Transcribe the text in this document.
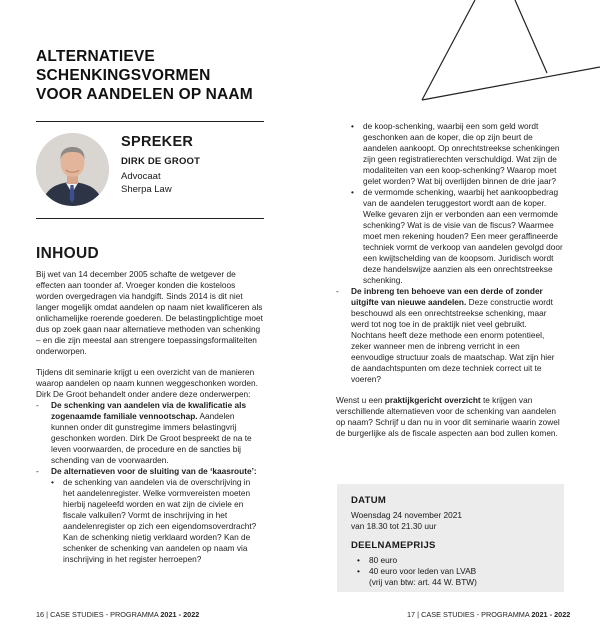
ALTERNATIEVE
SCHENKINGSVORMEN
VOOR AANDELEN OP NAAM
SPREKER
DIRK DE GROOT
Advocaat
Sherpa Law
INHOUD

Bij wet van 14 december 2005 schafte de wetgever de effecten aan toonder af. Vroeger konden die kosteloos worden overgedragen via handgift. Sinds 2014 is dit niet langer mogelijk omdat aandelen op naam niet kwalificeren als onlichamelijke roerende goederen. De belastingplichtige moet dus op zoek gaan naar alternatieve methoden van schenking – en die zijn meestal aan strengere toepassingsformaliteiten onderworpen.

Tijdens dit seminarie krijgt u een overzicht van de manieren waarop aandelen op naam kunnen weggeschonken worden. Dirk De Groot behandelt onder andere deze onderwerpen:

-	De schenking van aandelen via de kwalificatie als zogenaamde familiale vennootschap. Aandelen kunnen onder dit gunstregime immers belastingvrij geschonken worden. Dirk De Groot bespreekt de na te leven voorwaarden, de procedure en de sancties bij schending van de voorwaarden.
-	De alternatieven voor de sluiting van de ‘kaasroute’:
•	de schenking van aandelen via de overschrijving in het aandelenregister. Welke vormvereisten moeten hierbij nageleefd worden en wat zijn de civiele en fiscale valkuilen? Vormt de inschrijving in het aandelenregister op zich een eigendomsoverdracht? Kan de schenking nietig verklaard worden? Kan de schenker de schenking van aandelen op naam via inschrijving in het register herroepen?
•	de koop-schenking, waarbij een som geld wordt geschonken aan de koper, die op zijn beurt de aandelen aankoopt. Op onrechtstreekse schenkingen zijn geen registratierechten verschuldigd. Wat zijn de modaliteiten van een koop-schenking? Waarop moet gelet worden? Wat bij overlijden binnen de drie jaar?
•	de vermomde schenking, waarbij het aankoopbedrag van de aandelen teruggestort wordt aan de koper. Welke gevaren zijn er verbonden aan een vermomde schenking? Wat is de visie van de fiscus? Waarmee moet men rekening houden? Een meer geraffineerde techniek vormt de verkoop van aandelen gevolgd door een kwijtschelding van de koopsom. Juridisch wordt deze handelswijze aanzien als een onrechtstreekse schenking.
-	De inbreng ten behoeve van een derde of zonder uitgifte van nieuwe aandelen. Deze constructie wordt beschouwd als een onrechtstreekse schenking, maar werd tot nog toe in de praktijk niet veel gebruikt. Nochtans heeft deze methode een enorm potentieel, zeker wanneer men de inbreng verricht in een eenvoudige structuur zoals de maatschap. Wat zijn hier de aandachtspunten om deze techniek correct uit te voeren?

Wenst u een praktijkgericht overzicht te krijgen van verschillende alternatieven voor de schenking van aandelen op naam? Schrijf u dan nu in voor dit seminarie waarin zowel de burgerlijke als de fiscale aspecten aan bod zullen komen.

DATUM
Woensdag 24 november 2021
van 18.30 tot 21.30 uur
DEELNAMEPRIJS
• 80 euro
• 40 euro voor leden van LVAB
(vrij van btw: art. 44 W. BTW)
16 | CASE STUDIES - PROGRAMMA 2021 - 2022	17 | CASE STUDIES - PROGRAMMA 2021 - 2022
